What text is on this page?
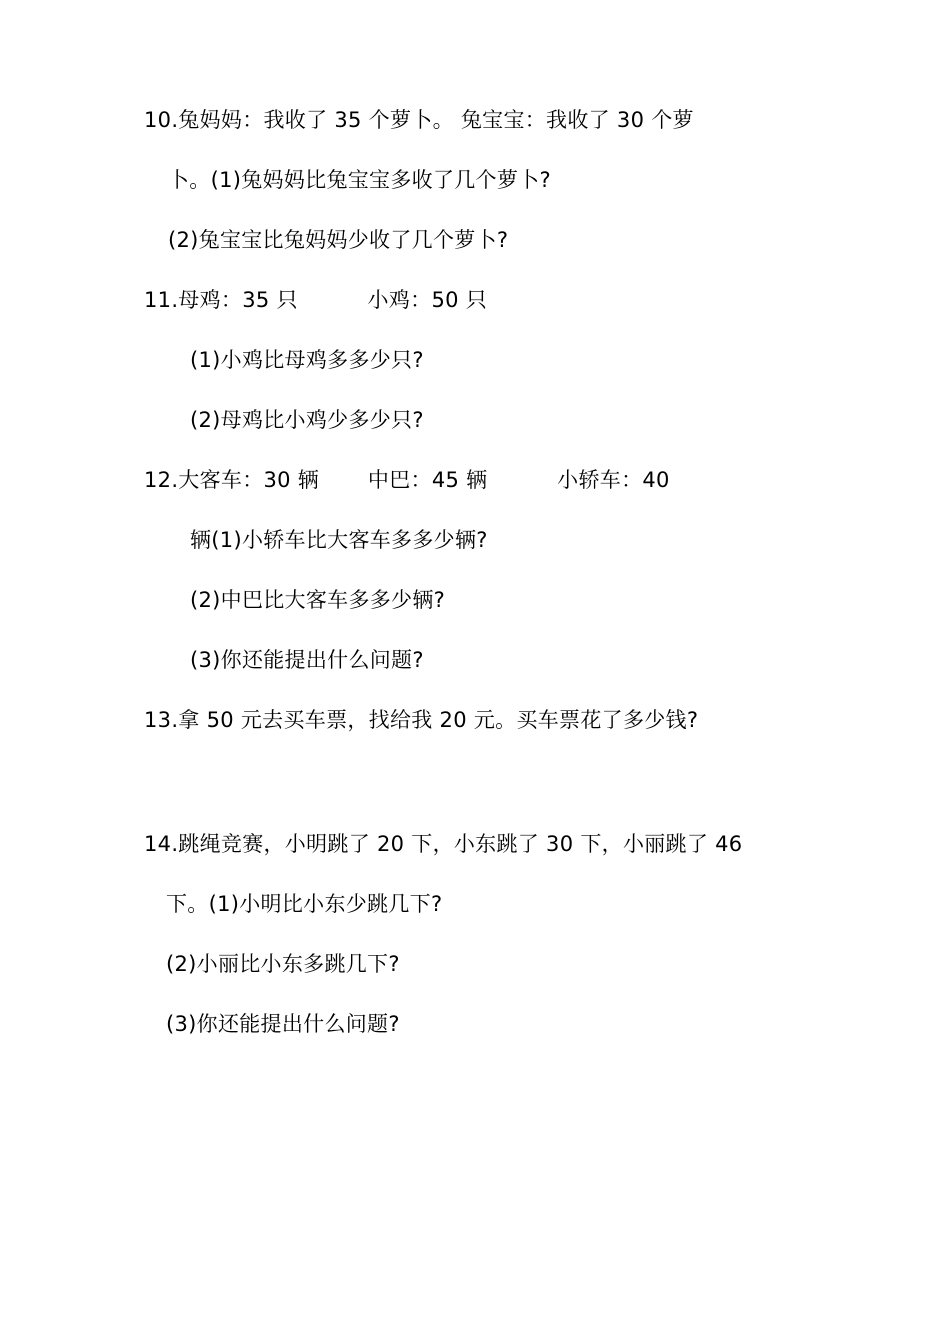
10.兔妈妈：我收了 35 个萝卜。 兔宝宝：我收了 30 个萝
卜。(1)兔妈妈比兔宝宝多收了几个萝卜?
(2)兔宝宝比兔妈妈少收了几个萝卜?
11.母鸡：35 只          小鸡：50 只
(1)小鸡比母鸡多多少只?
(2)母鸡比小鸡少多少只?
12.大客车：30 辆       中巴：45 辆          小轿车：40
辆(1)小轿车比大客车多多少辆?
(2)中巴比大客车多多少辆?
(3)你还能提出什么问题?
13.拿 50 元去买车票，找给我 20 元。买车票花了多少钱?
14.跳绳竞赛，小明跳了 20 下，小东跳了 30 下，小丽跳了 46
下。(1)小明比小东少跳几下?
(2)小丽比小东多跳几下?
(3)你还能提出什么问题?
